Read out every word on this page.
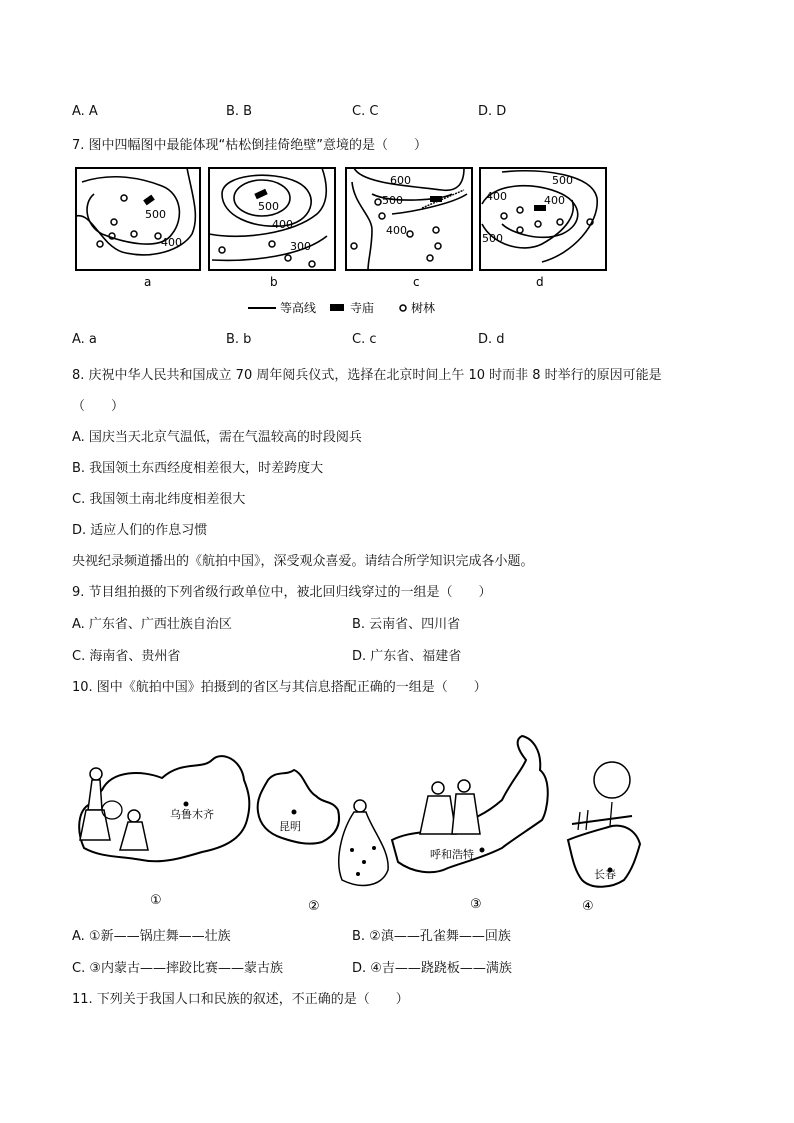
A. A	B. B	C. C	D. D
7. 图中四幅图中最能体现“枯松倒挂倚绝壁”意境的是（　　）
500
400
500
400
300
600
500
400
500
400
500
400
a	b	c	d
等高线	寺庙	树林
A. a	B. b	C. c	D. d
8. 庆祝中华人民共和国成立 70 周年阅兵仪式，选择在北京时间上午 10 时而非 8 时举行的原因可能是
（　　）
A. 国庆当天北京气温低，需在气温较高的时段阅兵
B. 我国领土东西经度相差很大，时差跨度大
C. 我国领土南北纬度相差很大
D. 适应人们的作息习惯
央视纪录频道播出的《航拍中国》，深受观众喜爱。请结合所学知识完成各小题。
9. 节目组拍摄的下列省级行政单位中，被北回归线穿过的一组是（　　）
A. 广东省、广西壮族自治区	B. 云南省、四川省
C. 海南省、贵州省	D. 广东省、福建省
10. 图中《航拍中国》拍摄到的省区与其信息搭配正确的一组是（　　）
乌鲁木齐
①
昆明
②
呼和浩特
③
长春
④
A. ①新——锅庄舞——壮族	B. ②滇——孔雀舞——回族
C. ③内蒙古——摔跤比赛——蒙古族	D. ④吉——跷跷板——满族
11. 下列关于我国人口和民族的叙述，不正确的是（　　）
